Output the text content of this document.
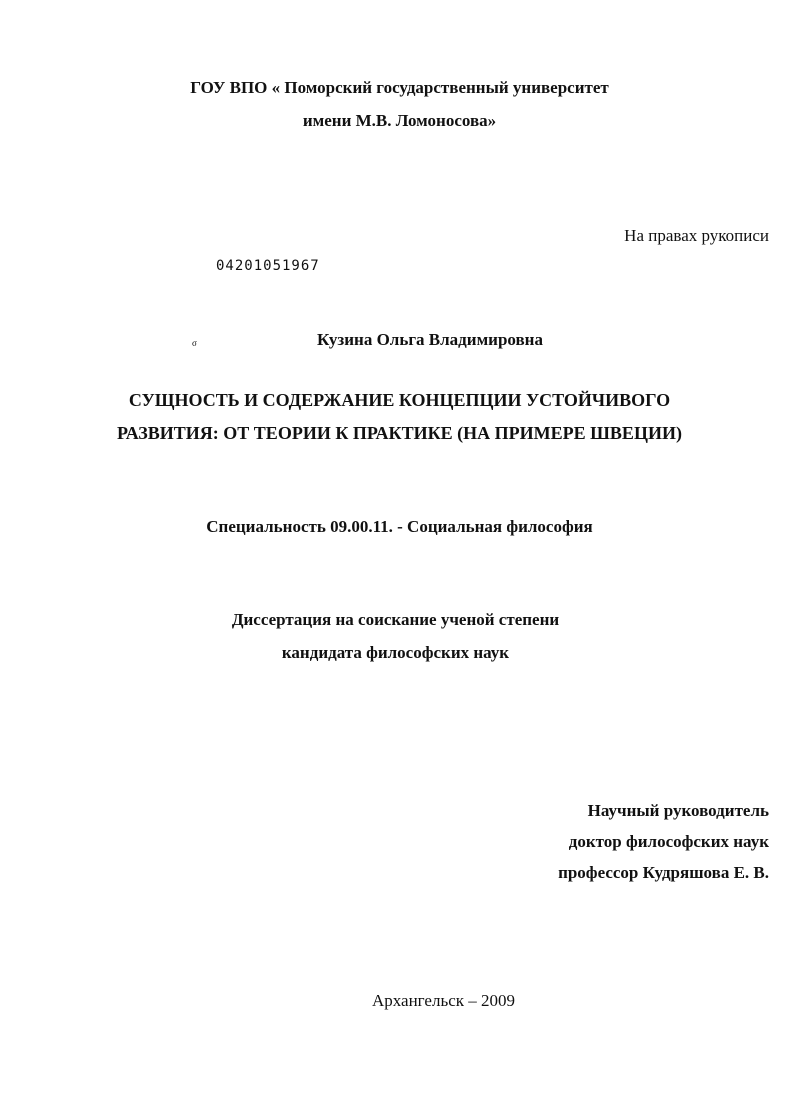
ГОУ ВПО « Поморский государственный университет
имени М.В. Ломоносова»
На правах рукописи
04201051967
σ	Кузина Ольга Владимировна
СУЩНОСТЬ И СОДЕРЖАНИЕ КОНЦЕПЦИИ УСТОЙЧИВОГО
РАЗВИТИЯ: ОТ ТЕОРИИ К ПРАКТИКЕ (НА ПРИМЕРЕ ШВЕЦИИ)
Специальность 09.00.11. - Социальная философия
Диссертация на соискание ученой степени
кандидата философских наук
Научный руководитель
доктор философских наук
профессор Кудряшова Е. В.
Архангельск – 2009
